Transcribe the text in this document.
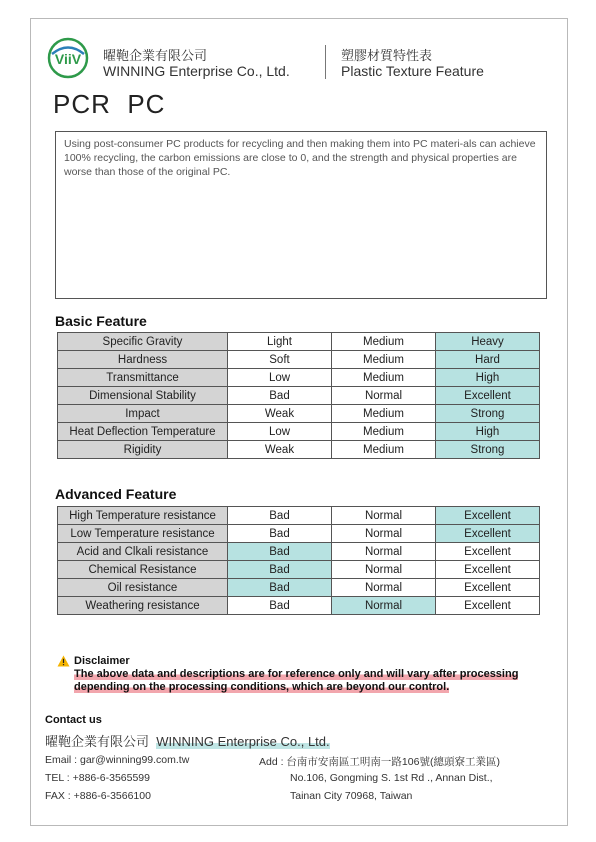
ViiV 曜鞄企業有限公司
WINNING Enterprise Co., Ltd.
塑膠材質特性表
Plastic Texture Feature
PCR  PC
Using post-consumer PC products for recycling and then making them into PC materi-als can achieve 100% recycling, the carbon emissions are close to 0, and the strength and physical properties are worse than those of the original PC.
Basic Feature
Specific Gravity	Light	Medium	Heavy
Hardness	Soft	Medium	Hard
Transmittance	Low	Medium	High
Dimensional Stability	Bad	Normal	Excellent
Impact	Weak	Medium	Strong
Heat Deflection Temperature	Low	Medium	High
Rigidity	Weak	Medium	Strong
Advanced Feature
High Temperature resistance	Bad	Normal	Excellent
Low Temperature resistance	Bad	Normal	Excellent
Acid and Clkali resistance	Bad	Normal	Excellent
Chemical Resistance	Bad	Normal	Excellent
Oil resistance	Bad	Normal	Excellent
Weathering resistance	Bad	Normal	Excellent
Disclaimer
The above data and descriptions are for reference only and will vary after processing depending on the processing conditions, which are beyond our control.
Contact us
曜鞄企業有限公司 WINNING Enterprise Co., Ltd.
Email : gar@winning99.com.tw
TEL : +886-6-3565599
FAX : +886-6-3566100
Add : 台南市安南區工明南一路106號(總頭寮工業區)
No.106, Gongming S. 1st Rd ., Annan Dist.,
Tainan City 70968, Taiwan
